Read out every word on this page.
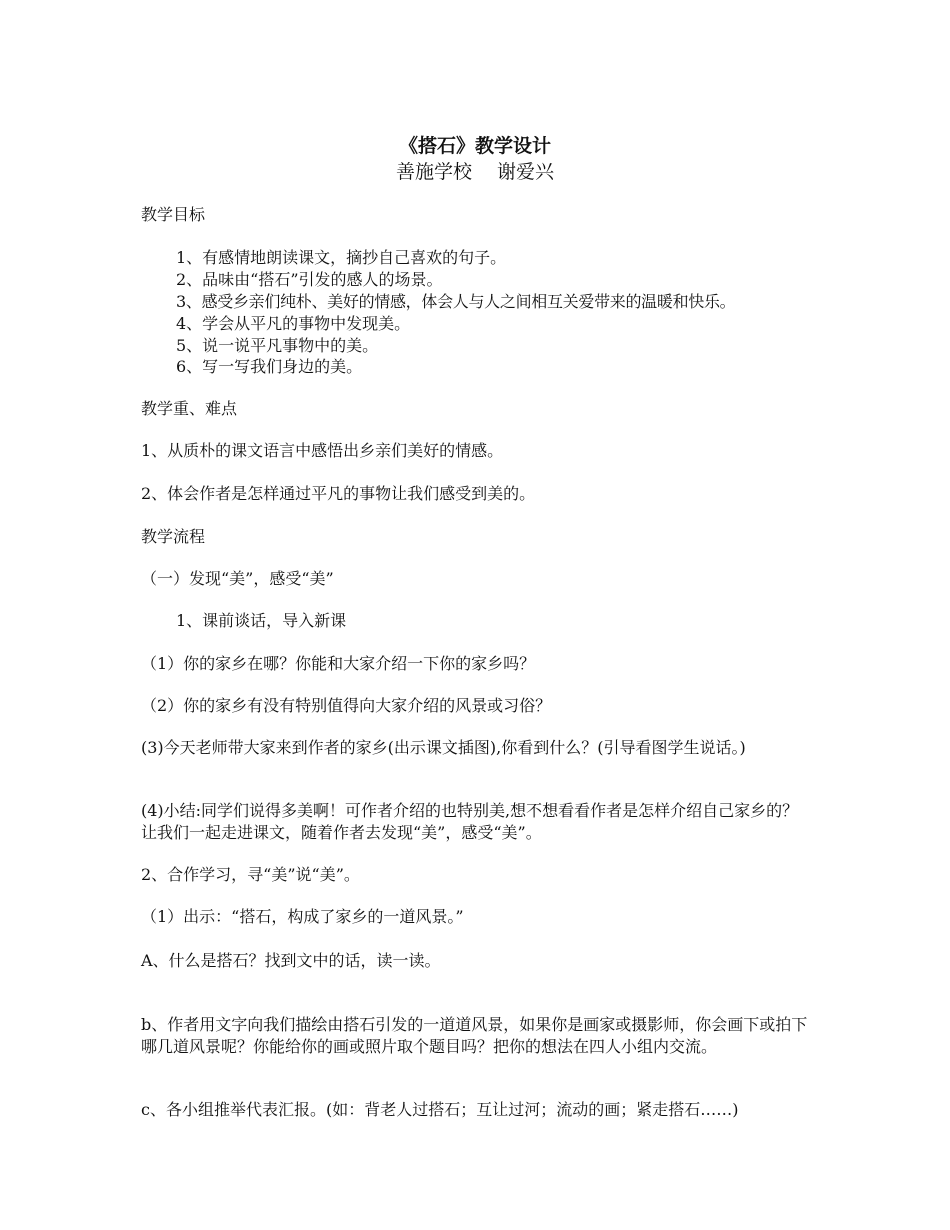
《搭石》教学设计
善施学校　 谢爱兴
教学目标
1、有感情地朗读课文，摘抄自己喜欢的句子。
2、品味由“搭石”引发的感人的场景。
3、感受乡亲们纯朴、美好的情感，体会人与人之间相互关爱带来的温暖和快乐。
4、学会从平凡的事物中发现美。
5、说一说平凡事物中的美。
6、写一写我们身边的美。
教学重、难点
1、从质朴的课文语言中感悟出乡亲们美好的情感。
2、体会作者是怎样通过平凡的事物让我们感受到美的。
教学流程
（一）发现“美”，感受“美”
1、课前谈话，导入新课
（1）你的家乡在哪？你能和大家介绍一下你的家乡吗？
（2）你的家乡有没有特别值得向大家介绍的风景或习俗？
(3)今天老师带大家来到作者的家乡(出示课文插图),你看到什么？(引导看图学生说话。)
(4)小结:同学们说得多美啊！可作者介绍的也特别美,想不想看看作者是怎样介绍自己家乡的？让我们一起走进课文，随着作者去发现“美”，感受“美”。
2、合作学习，寻“美”说“美”。
（1）出示：“搭石，构成了家乡的一道风景。”
A、什么是搭石？找到文中的话，读一读。
b、作者用文字向我们描绘由搭石引发的一道道风景，如果你是画家或摄影师，你会画下或拍下哪几道风景呢？你能给你的画或照片取个题目吗？把你的想法在四人小组内交流。
c、各小组推举代表汇报。(如：背老人过搭石；互让过河；流动的画；紧走搭石……)
